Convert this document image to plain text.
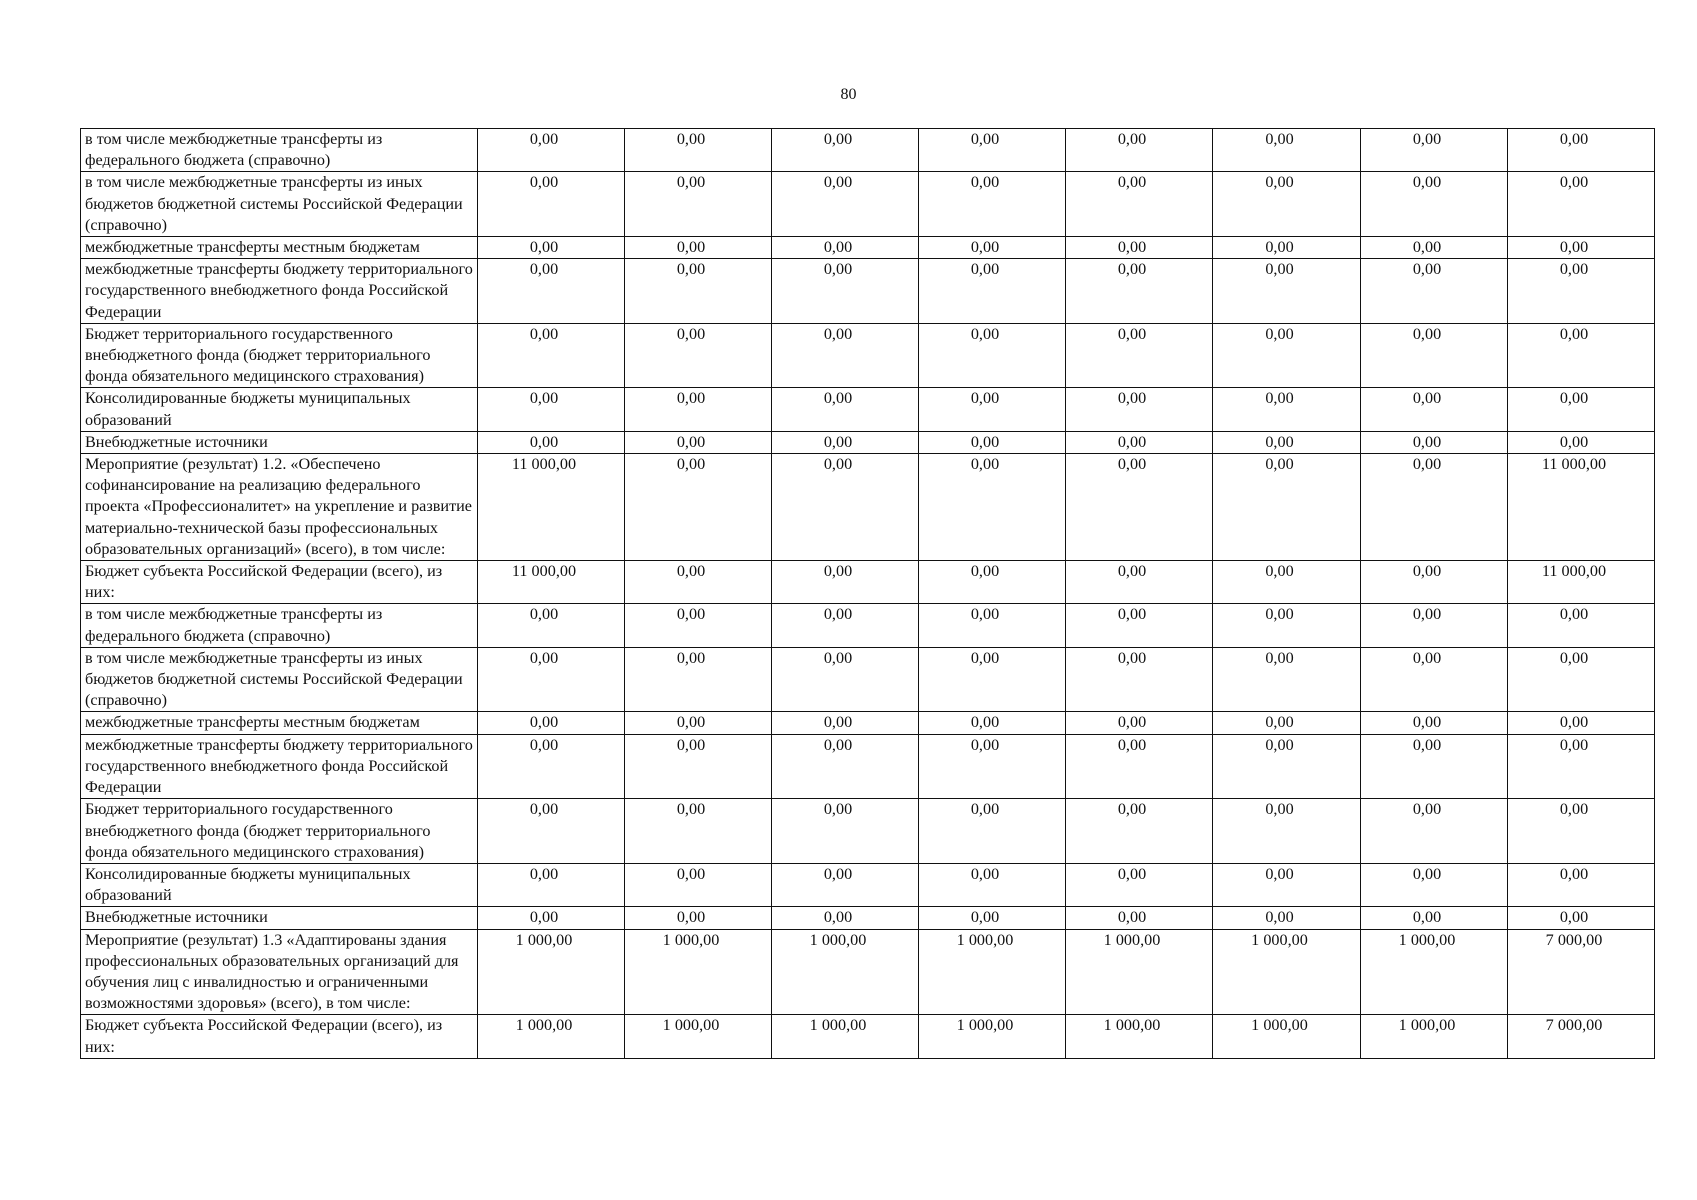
80
в том числе межбюджетные трансферты из федерального бюджета (справочно)	0,00	0,00	0,00	0,00	0,00	0,00	0,00	0,00
в том числе межбюджетные трансферты из иных бюджетов бюджетной системы Российской Федерации (справочно)	0,00	0,00	0,00	0,00	0,00	0,00	0,00	0,00
межбюджетные трансферты местным бюджетам	0,00	0,00	0,00	0,00	0,00	0,00	0,00	0,00
межбюджетные трансферты бюджету территориального государственного внебюджетного фонда Российской Федерации	0,00	0,00	0,00	0,00	0,00	0,00	0,00	0,00
Бюджет территориального государственного внебюджетного фонда (бюджет территориального фонда обязательного медицинского страхования)	0,00	0,00	0,00	0,00	0,00	0,00	0,00	0,00
Консолидированные бюджеты муниципальных образований	0,00	0,00	0,00	0,00	0,00	0,00	0,00	0,00
Внебюджетные источники	0,00	0,00	0,00	0,00	0,00	0,00	0,00	0,00
Мероприятие (результат) 1.2. «Обеспечено софинансирование на реализацию федерального проекта «Профессионалитет» на укрепление и развитие материально-технической базы профессиональных образовательных организаций» (всего), в том числе:	11 000,00	0,00	0,00	0,00	0,00	0,00	0,00	11 000,00
Бюджет субъекта Российской Федерации (всего), из них:	11 000,00	0,00	0,00	0,00	0,00	0,00	0,00	11 000,00
в том числе межбюджетные трансферты из федерального бюджета (справочно)	0,00	0,00	0,00	0,00	0,00	0,00	0,00	0,00
в том числе межбюджетные трансферты из иных бюджетов бюджетной системы Российской Федерации (справочно)	0,00	0,00	0,00	0,00	0,00	0,00	0,00	0,00
межбюджетные трансферты местным бюджетам	0,00	0,00	0,00	0,00	0,00	0,00	0,00	0,00
межбюджетные трансферты бюджету территориального государственного внебюджетного фонда Российской Федерации	0,00	0,00	0,00	0,00	0,00	0,00	0,00	0,00
Бюджет территориального государственного внебюджетного фонда (бюджет территориального фонда обязательного медицинского страхования)	0,00	0,00	0,00	0,00	0,00	0,00	0,00	0,00
Консолидированные бюджеты муниципальных образований	0,00	0,00	0,00	0,00	0,00	0,00	0,00	0,00
Внебюджетные источники	0,00	0,00	0,00	0,00	0,00	0,00	0,00	0,00
Мероприятие (результат) 1.3 «Адаптированы здания профессиональных образовательных организаций для обучения лиц с инвалидностью и ограниченными возможностями здоровья» (всего), в том числе:	1 000,00	1 000,00	1 000,00	1 000,00	1 000,00	1 000,00	1 000,00	7 000,00
Бюджет субъекта Российской Федерации (всего), из них:	1 000,00	1 000,00	1 000,00	1 000,00	1 000,00	1 000,00	1 000,00	7 000,00
